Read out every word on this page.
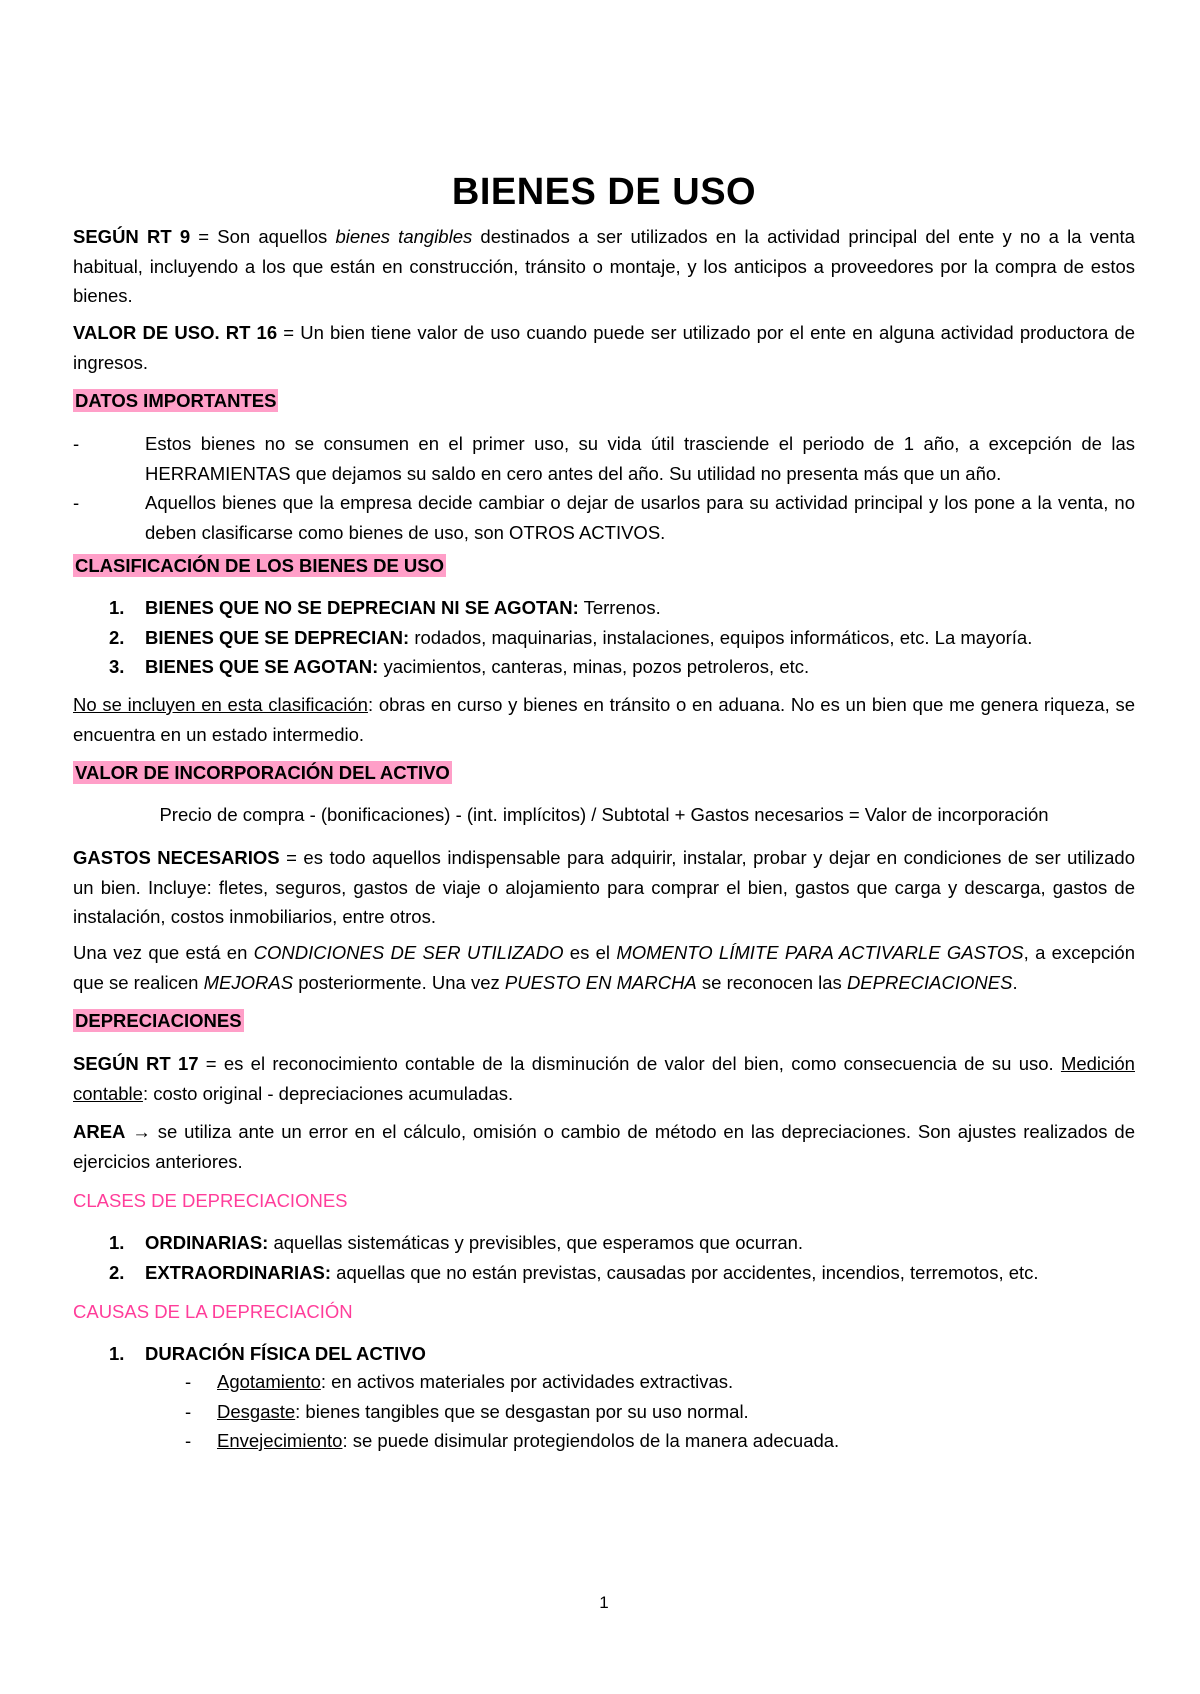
BIENES DE USO

SEGÚN RT 9 = Son aquellos bienes tangibles destinados a ser utilizados en la actividad principal del ente y no a la venta habitual, incluyendo a los que están en construcción, tránsito o montaje, y los anticipos a proveedores por la compra de estos bienes.

VALOR DE USO. RT 16 = Un bien tiene valor de uso cuando puede ser utilizado por el ente en alguna actividad productora de ingresos.

DATOS IMPORTANTES
-	Estos bienes no se consumen en el primer uso, su vida útil trasciende el periodo de 1 año, a excepción de las HERRAMIENTAS que dejamos su saldo en cero antes del año. Su utilidad no presenta más que un año.
-	Aquellos bienes que la empresa decide cambiar o dejar de usarlos para su actividad principal y los pone a la venta, no deben clasificarse como bienes de uso, son OTROS ACTIVOS.
CLASIFICACIÓN DE LOS BIENES DE USO
1. BIENES QUE NO SE DEPRECIAN NI SE AGOTAN: Terrenos.
2. BIENES QUE SE DEPRECIAN: rodados, maquinarias, instalaciones, equipos informáticos, etc. La mayoría.
3. BIENES QUE SE AGOTAN: yacimientos, canteras, minas, pozos petroleros, etc.

No se incluyen en esta clasificación: obras en curso y bienes en tránsito o en aduana. No es un bien que me genera riqueza, se encuentra en un estado intermedio.

VALOR DE INCORPORACIÓN DEL ACTIVO

Precio de compra - (bonificaciones) - (int. implícitos) / Subtotal + Gastos necesarios = Valor de incorporación

GASTOS NECESARIOS = es todo aquellos indispensable para adquirir, instalar, probar y dejar en condiciones de ser utilizado un bien. Incluye: fletes, seguros, gastos de viaje o alojamiento para comprar el bien, gastos que carga y descarga, gastos de instalación, costos inmobiliarios, entre otros.

Una vez que está en CONDICIONES DE SER UTILIZADO es el MOMENTO LÍMITE PARA ACTIVARLE GASTOS, a excepción que se realicen MEJORAS posteriormente. Una vez PUESTO EN MARCHA se reconocen las DEPRECIACIONES.

DEPRECIACIONES

SEGÚN RT 17 = es el reconocimiento contable de la disminución de valor del bien, como consecuencia de su uso. Medición contable: costo original - depreciaciones acumuladas.

AREA → se utiliza ante un error en el cálculo, omisión o cambio de método en las depreciaciones. Son ajustes realizados de ejercicios anteriores.

CLASES DE DEPRECIACIONES
1. ORDINARIAS: aquellas sistemáticas y previsibles, que esperamos que ocurran.
2. EXTRAORDINARIAS: aquellas que no están previstas, causadas por accidentes, incendios, terremotos, etc.
CAUSAS DE LA DEPRECIACIÓN
1. DURACIÓN FÍSICA DEL ACTIVO
- Agotamiento: en activos materiales por actividades extractivas.
- Desgaste: bienes tangibles que se desgastan por su uso normal.
- Envejecimiento: se puede disimular protegiendolos de la manera adecuada.
1
